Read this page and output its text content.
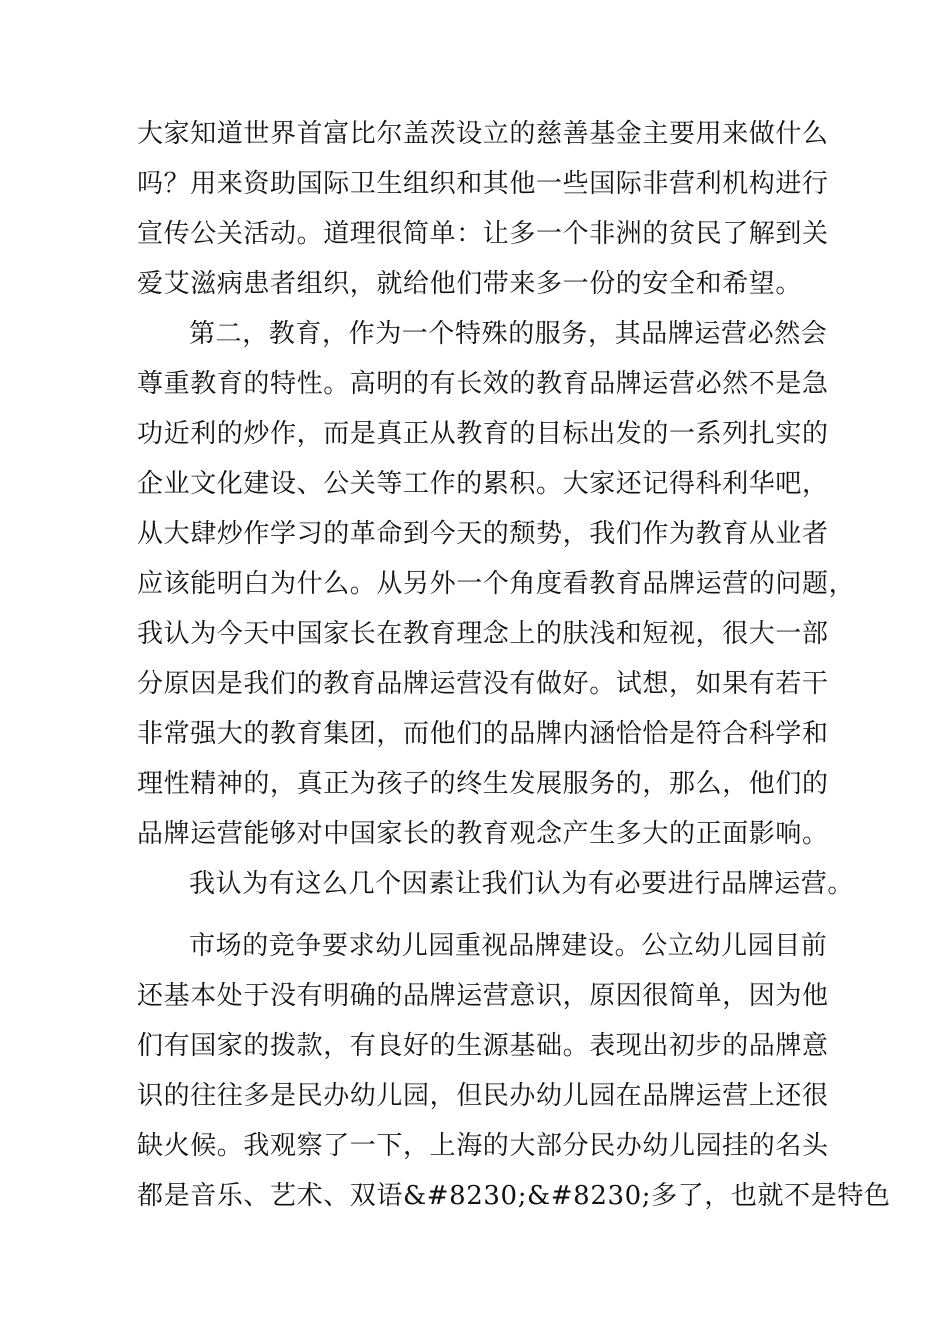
大家知道世界首富比尔盖茨设立的慈善基金主要用来做什么
吗？用来资助国际卫生组织和其他一些国际非营利机构进行
宣传公关活动。道理很简单：让多一个非洲的贫民了解到关
爱艾滋病患者组织，就给他们带来多一份的安全和希望。
第二，教育，作为一个特殊的服务，其品牌运营必然会
尊重教育的特性。高明的有长效的教育品牌运营必然不是急
功近利的炒作，而是真正从教育的目标出发的一系列扎实的
企业文化建设、公关等工作的累积。大家还记得科利华吧，
从大肆炒作学习的革命到今天的颓势，我们作为教育从业者
应该能明白为什么。从另外一个角度看教育品牌运营的问题，
我认为今天中国家长在教育理念上的肤浅和短视，很大一部
分原因是我们的教育品牌运营没有做好。试想，如果有若干
非常强大的教育集团，而他们的品牌内涵恰恰是符合科学和
理性精神的，真正为孩子的终生发展服务的，那么，他们的
品牌运营能够对中国家长的教育观念产生多大的正面影响。
我认为有这么几个因素让我们认为有必要进行品牌运营。
市场的竞争要求幼儿园重视品牌建设。公立幼儿园目前
还基本处于没有明确的品牌运营意识，原因很简单，因为他
们有国家的拨款，有良好的生源基础。表现出初步的品牌意
识的往往多是民办幼儿园，但民办幼儿园在品牌运营上还很
缺火候。我观察了一下，上海的大部分民办幼儿园挂的名头
都是音乐、艺术、双语&#8230;&#8230;多了，也就不是特色
